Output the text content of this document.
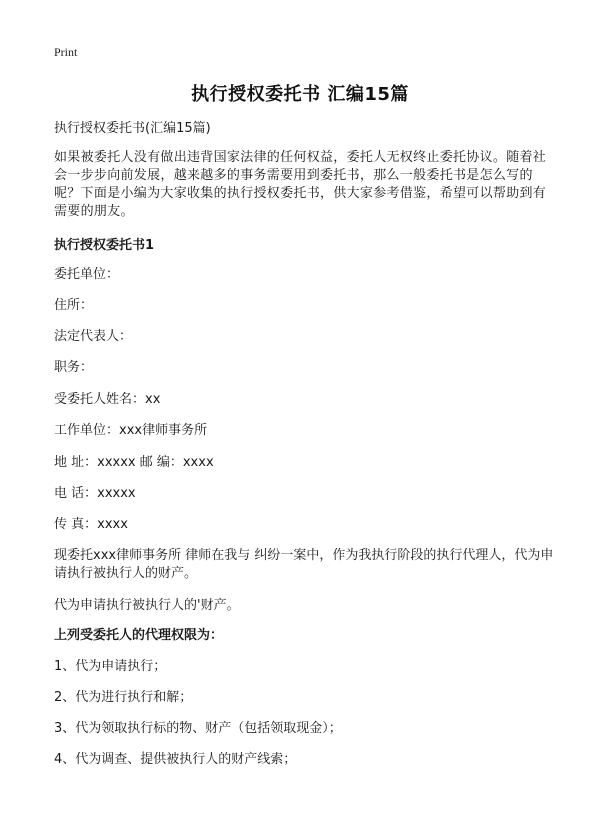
Print
执行授权委托书 汇编15篇
执行授权委托书(汇编15篇)
如果被委托人没有做出违背国家法律的任何权益，委托人无权终止委托协议。随着社会一步步向前发展，越来越多的事务需要用到委托书，那么一般委托书是怎么写的呢？下面是小编为大家收集的执行授权委托书，供大家参考借鉴，希望可以帮助到有需要的朋友。
执行授权委托书1
委托单位：
住所：
法定代表人：
职务：
受委托人姓名：xx
工作单位：xxx律师事务所
地 址：xxxxx 邮 编：xxxx
电 话：xxxxx
传 真：xxxx
现委托xxx律师事务所 律师在我与 纠纷一案中，作为我执行阶段的执行代理人，代为申请执行被执行人的财产。
代为申请执行被执行人的'财产。
上列受委托人的代理权限为：
1、代为申请执行；
2、代为进行执行和解；
3、代为领取执行标的物、财产（包括领取现金）；
4、代为调查、提供被执行人的财产线索；
